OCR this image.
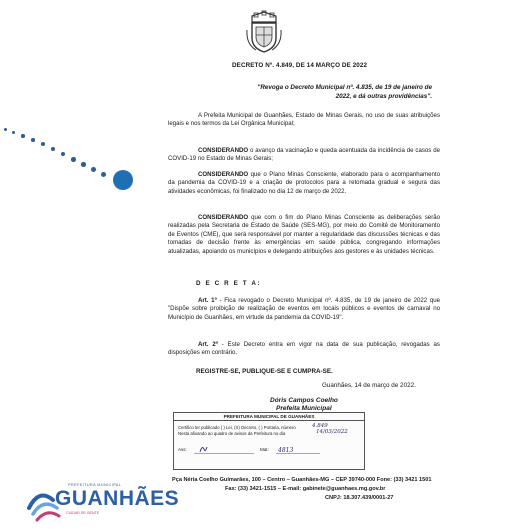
DECRETO Nº. 4.849, DE 14 MARÇO DE 2022
"Revoga o Decreto Municipal nº. 4.835, de 19 de janeiro de 2022, e dá outras providências".
A Prefeita Municipal de Guanhães, Estado de Minas Gerais, no uso de suas atribuições legais e nos termos da Lei Orgânica Municipal;
CONSIDERANDO o avanço da vacinação e queda acentuada da incidência de casos de COVID-19 no Estado de Minas Gerais;
CONSIDERANDO que o Plano Minas Consciente, elaborado para o acompanhamento da pandemia da COVID-19 e a criação de protocolos para a retomada gradual e segura das atividades econômicas, foi finalizado no dia 12 de março de 2022.
CONSIDERANDO que com o fim do Plano Minas Consciente as deliberações serão realizadas pela Secretaria de Estado de Saúde (SES-MG), por meio do Comitê de Monitoramento de Eventos (CME), que será responsável por manter a regularidade das discussões técnicas e das tomadas de decisão frente às emergências em saúde pública, congregando informações atualizadas, apoiando os municípios e delegando atribuições aos gestores e às unidades técnicas.
D E C R E T A:
Art. 1º - Fica revogado o Decreto Municipal nº. 4.835, de 19 de janeiro de 2022 que "Dispõe sobre proibição de realização de eventos em locais públicos e eventos de carnaval no Município de Guanhães, em virtude da pandemia da COVID-19".
Art. 2º - Este Decreto entra em vigor na data de sua publicação, revogadas as disposições em contrário.
REGISTRE-SE, PUBLIQUE-SE E CUMPRA-SE.
Guanhães, 14 de março de 2022.
Dóris Campos Coelho
Prefeita Municipal
PREFEITURA MUNICIPAL DE GUANHÃES
Certifico ter publicado ( ) Lei, (X) Decreto, ( ) Portaria, número
Nesta afixando ao quadro de avisos da Prefeitura no dia
4.849
14/03/2022
Ass:	Mat: 4813
PREFEITURA MUNICIPAL
GUANHÃES
CUIDAR DE GENTE
Pça Néria Coelho Guimarães, 100 – Centro – Guanhães-MG – CEP 39740-000 Fone: (33) 3421 1501
Fax: (33) 3421-1515 – E-mail: gabinete@guanhaes.mg.gov.br
CNPJ: 18.307.439/0001-27
